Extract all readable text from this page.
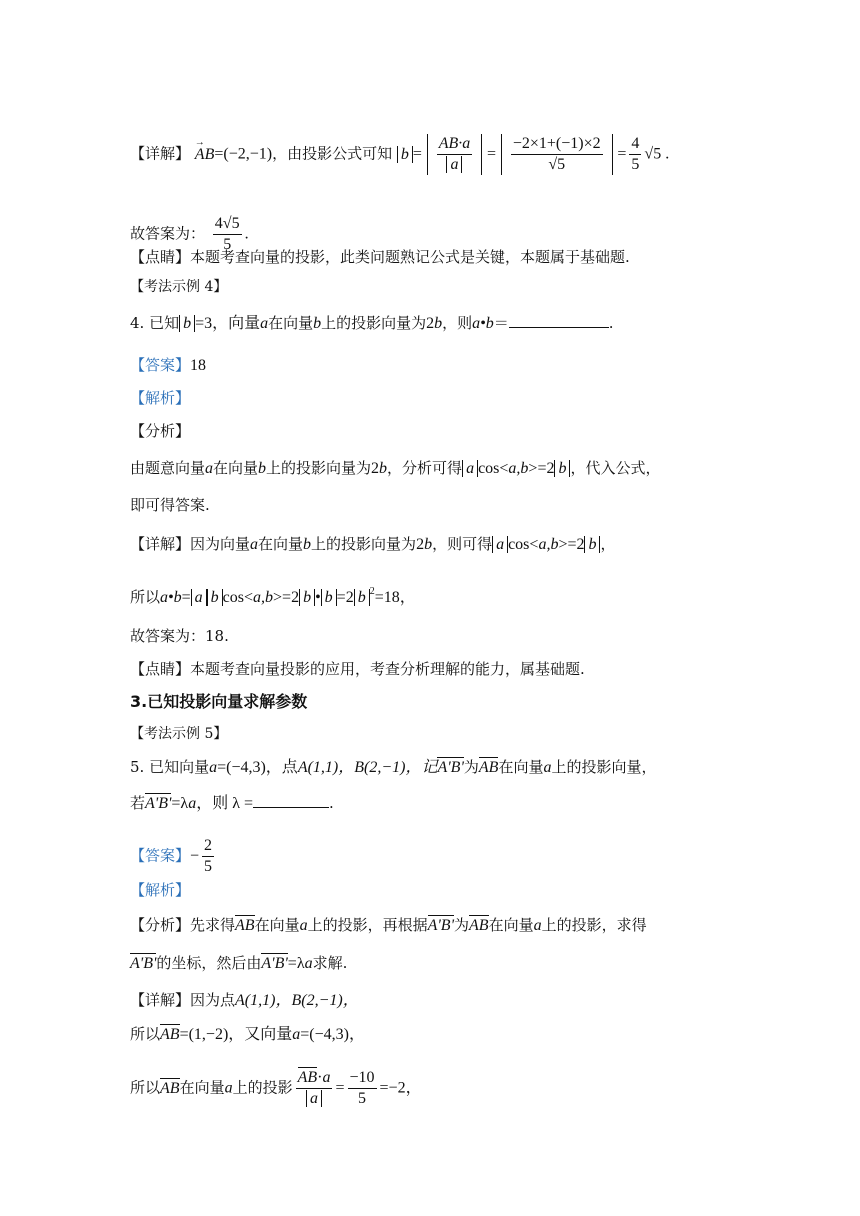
【详解】 → AB=(−2,−1)，由投影公式可知 $b = \frac{AB\cdot a}{a} = \frac{-2\times 1+(-1)\times 2}{√5} = \frac{4}{5} √5$ .
故答案为： $\frac{4√5}{5}$ .
【点睛】本题考查向量的投影，此类问题熟记公式是关键，本题属于基础题.
【考法示例 4】
4. 已知 b =3，向量a在向量b上的投影向量为2b，则a•b＝	.
【答案】18
【解析】
【分析】
由题意向量a在向量b上的投影向量为2b，分析可得 a cos<a,b>=2 b ，代入公式，
即可得答案.
【详解】因为向量a在向量b上的投影向量为2b，则可得 a cos<a,b>=2 b ，
所以a•b= a b cos<a,b>=2 b • b =2 b $^2$=18，
故答案为：18.
【点睛】本题考查向量投影的应用，考查分析理解的能力，属基础题.
3.已知投影向量求解参数
【考法示例 5】
5. 已知向量a=(−4,3)，点A(1,1)，B(2,−1)，记A'B'为AB在向量a上的投影向量，
若A'B'=λa，则 λ =	.
【答案】− $\frac{2}{5}$
【解析】
【分析】先求得AB在向量a上的投影，再根据A'B'为AB在向量a上的投影，求得
A'B'的坐标，然后由A'B'=λa求解.
【详解】因为点A(1,1)，B(2,−1)，
所以AB=(1,−2)，又向量a=(−4,3)，
所以AB在向量a上的投影 $\frac{AB\cdot a}{a} = \frac{-10}{5} =-2$，
